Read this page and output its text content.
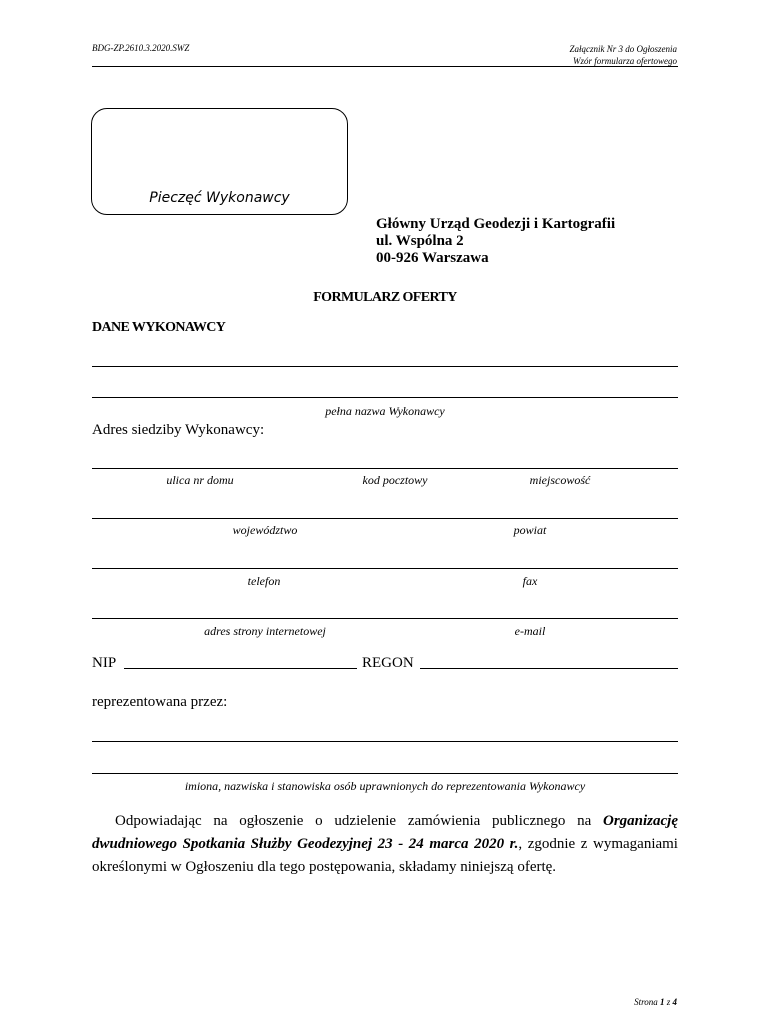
BDG-ZP.2610.3.2020.SWZ	Załącznik Nr 3 do Ogłoszenia
Wzór formularza ofertowego
Pieczęć Wykonawcy
Główny Urząd Geodezji i Kartografii
ul. Wspólna 2
00-926 Warszawa
FORMULARZ OFERTY
DANE WYKONAWCY
pełna nazwa Wykonawcy
Adres siedziby Wykonawcy:
ulica nr domu	kod pocztowy	miejscowość
województwo	powiat
telefon	fax
adres strony internetowej	e-mail
NIP	REGON
reprezentowana przez:
imiona, nazwiska i stanowiska osób uprawnionych do reprezentowania Wykonawcy
Odpowiadając na ogłoszenie o udzielenie zamówienia publicznego na Organizację dwudniowego Spotkania Służby Geodezyjnej 23 - 24 marca 2020 r., zgodnie z wymaganiami określonymi w Ogłoszeniu dla tego postępowania, składamy niniejszą ofertę.
Strona 1 z 4
